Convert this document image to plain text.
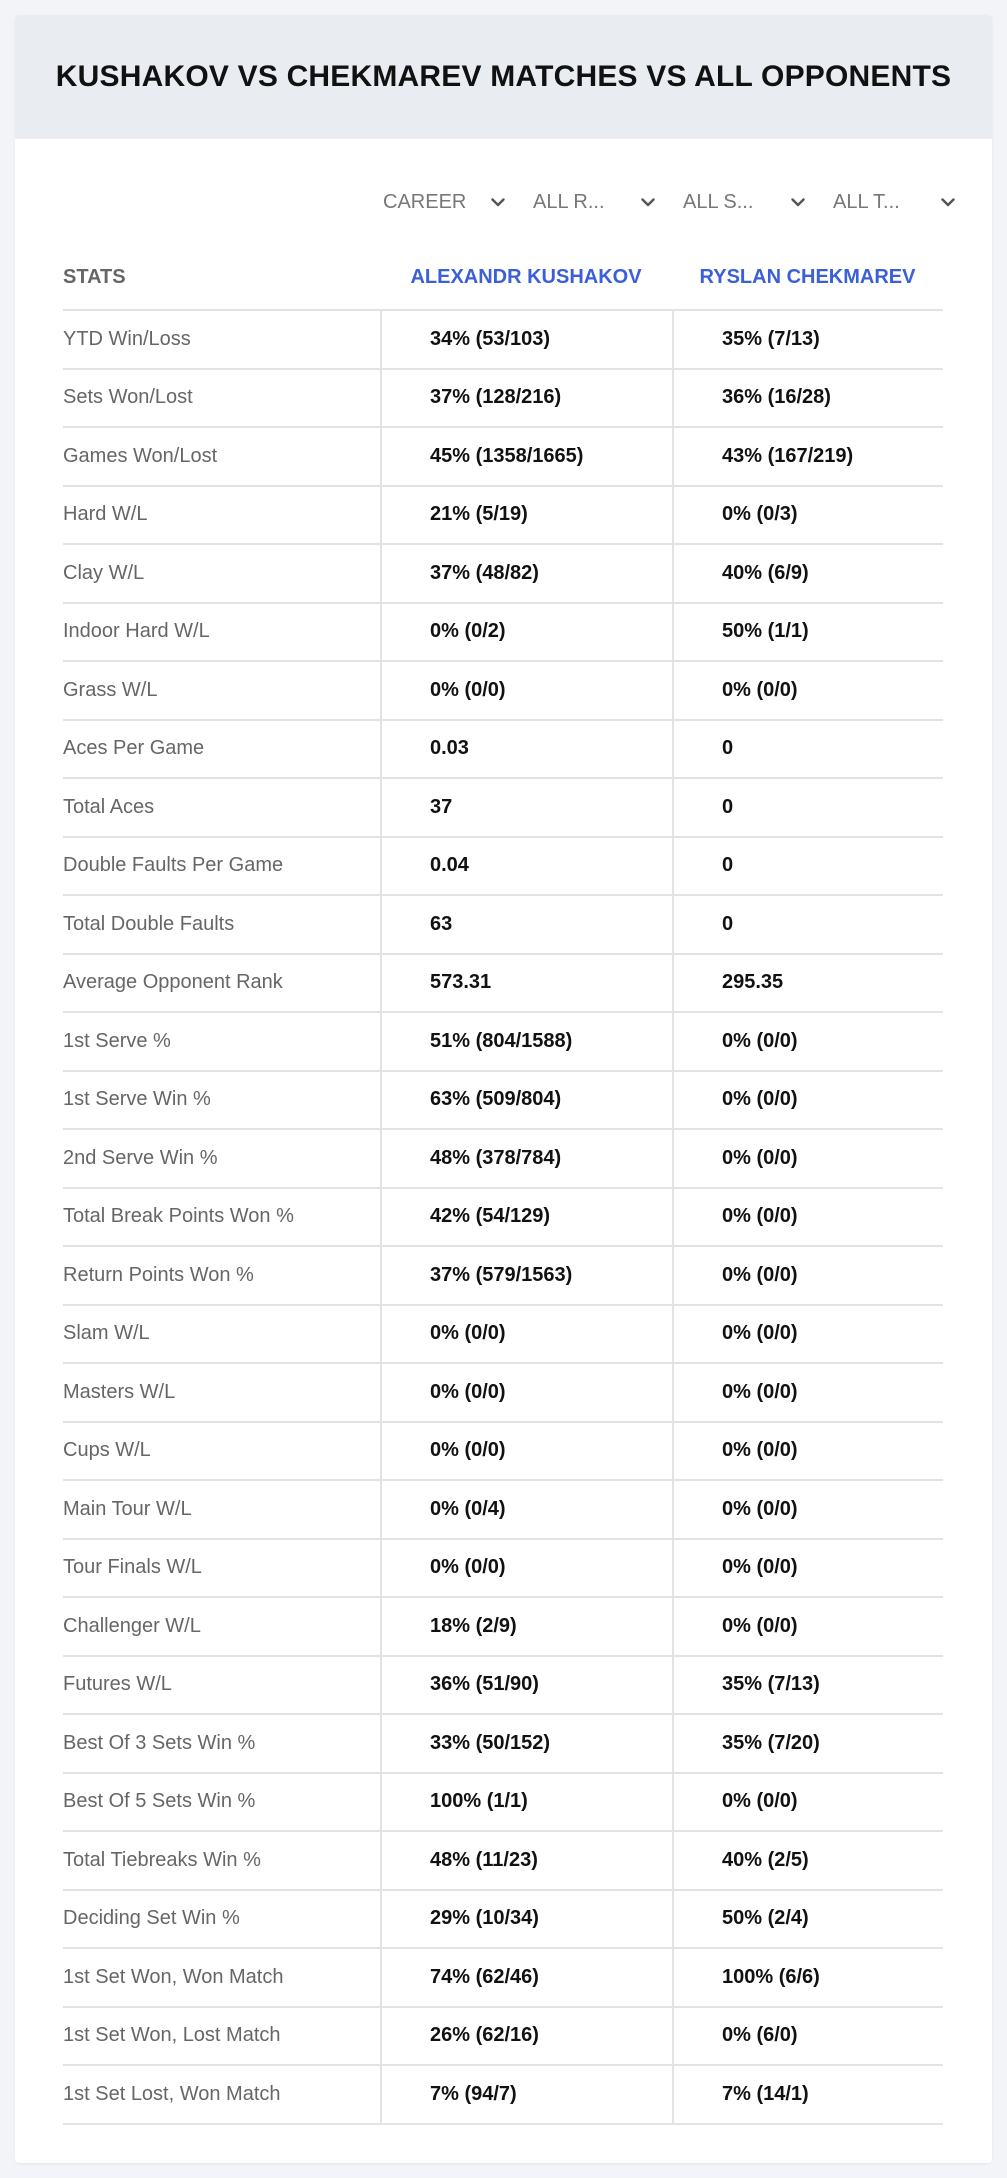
KUSHAKOV VS CHEKMAREV MATCHES VS ALL OPPONENTS
CAREER	ALL R...	ALL S...	ALL T...
STATS	ALEXANDR KUSHAKOV	RYSLAN CHEKMAREV
YTD Win/Loss	34% (53/103)	35% (7/13)
Sets Won/Lost	37% (128/216)	36% (16/28)
Games Won/Lost	45% (1358/1665)	43% (167/219)
Hard W/L	21% (5/19)	0% (0/3)
Clay W/L	37% (48/82)	40% (6/9)
Indoor Hard W/L	0% (0/2)	50% (1/1)
Grass W/L	0% (0/0)	0% (0/0)
Aces Per Game	0.03	0
Total Aces	37	0
Double Faults Per Game	0.04	0
Total Double Faults	63	0
Average Opponent Rank	573.31	295.35
1st Serve %	51% (804/1588)	0% (0/0)
1st Serve Win %	63% (509/804)	0% (0/0)
2nd Serve Win %	48% (378/784)	0% (0/0)
Total Break Points Won %	42% (54/129)	0% (0/0)
Return Points Won %	37% (579/1563)	0% (0/0)
Slam W/L	0% (0/0)	0% (0/0)
Masters W/L	0% (0/0)	0% (0/0)
Cups W/L	0% (0/0)	0% (0/0)
Main Tour W/L	0% (0/4)	0% (0/0)
Tour Finals W/L	0% (0/0)	0% (0/0)
Challenger W/L	18% (2/9)	0% (0/0)
Futures W/L	36% (51/90)	35% (7/13)
Best Of 3 Sets Win %	33% (50/152)	35% (7/20)
Best Of 5 Sets Win %	100% (1/1)	0% (0/0)
Total Tiebreaks Win %	48% (11/23)	40% (2/5)
Deciding Set Win %	29% (10/34)	50% (2/4)
1st Set Won, Won Match	74% (62/46)	100% (6/6)
1st Set Won, Lost Match	26% (62/16)	0% (6/0)
1st Set Lost, Won Match	7% (94/7)	7% (14/1)
